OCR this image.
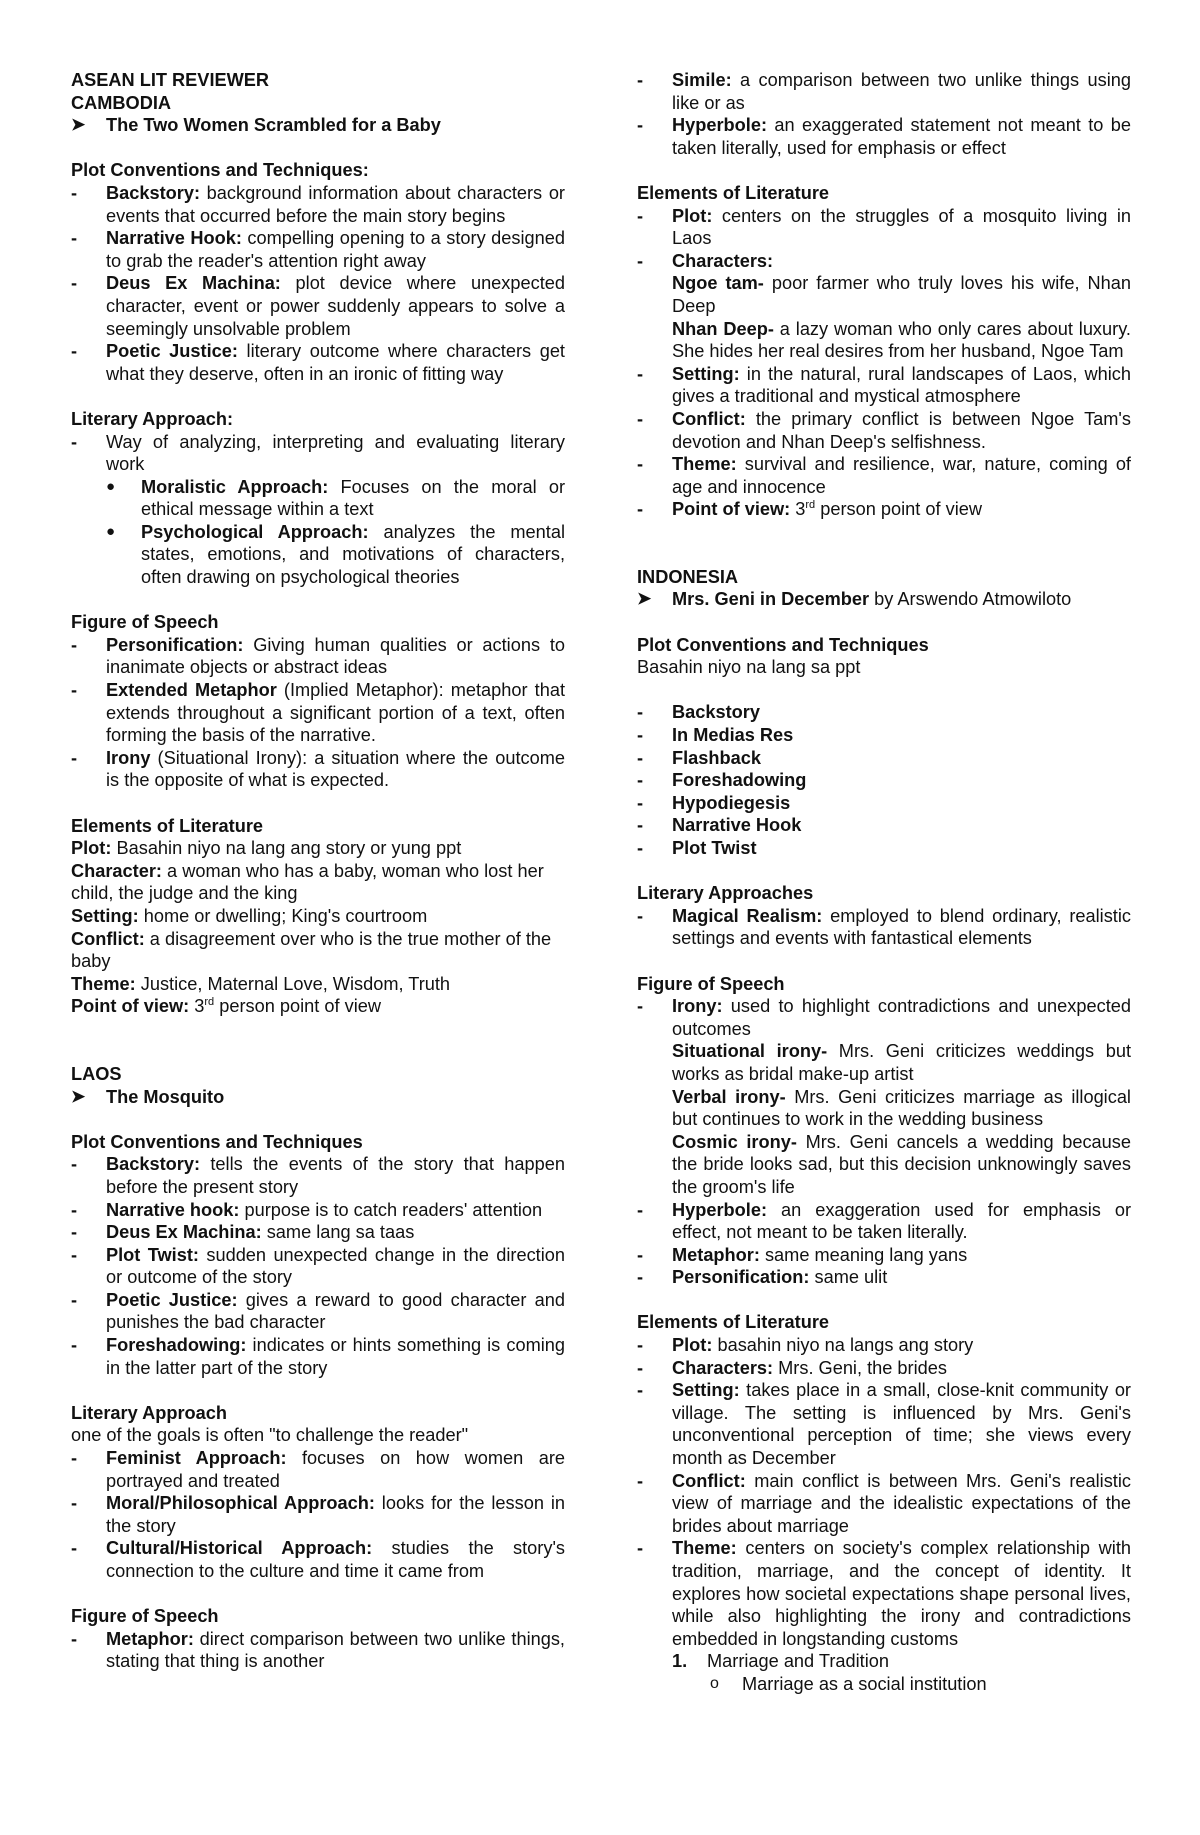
ASEAN LIT REVIEWER

CAMBODIA

➤ The Two Women Scrambled for a Baby

Plot Conventions and Techniques:

-	Backstory: background information about characters or events that occurred before the main story begins
-	Narrative Hook: compelling opening to a story designed to grab the reader's attention right away
-	Deus Ex Machina: plot device where unexpected character, event or power suddenly appears to solve a seemingly unsolvable problem
-	Poetic Justice: literary outcome where characters get what they deserve, often in an ironic of fitting way

Literary Approach:

-	Way of analyzing, interpreting and evaluating literary work
● Moralistic Approach: Focuses on the moral or ethical message within a text
● Psychological Approach: analyzes the mental states, emotions, and motivations of characters, often drawing on psychological theories

Figure of Speech

-	Personification: Giving human qualities or actions to inanimate objects or abstract ideas
-	Extended Metaphor (Implied Metaphor): metaphor that extends throughout a significant portion of a text, often forming the basis of the narrative.
-	Irony (Situational Irony): a situation where the outcome is the opposite of what is expected.

Elements of Literature

Plot: Basahin niyo na lang ang story or yung ppt

Character: a woman who has a baby, woman who lost her child, the judge and the king

Setting: home or dwelling; King's courtroom

Conflict: a disagreement over who is the true mother of the baby

Theme: Justice, Maternal Love, Wisdom, Truth

Point of view: 3rd person point of view

LAOS

➤ The Mosquito

Plot Conventions and Techniques

-	Backstory: tells the events of the story that happen before the present story
-	Narrative hook: purpose is to catch readers' attention
-	Deus Ex Machina: same lang sa taas
-	Plot Twist: sudden unexpected change in the direction or outcome of the story
-	Poetic Justice: gives a reward to good character and punishes the bad character
-	Foreshadowing: indicates or hints something is coming in the latter part of the story

Literary Approach

one of the goals is often "to challenge the reader"

-	Feminist Approach: focuses on how women are portrayed and treated
-	Moral/Philosophical Approach: looks for the lesson in the story
-	Cultural/Historical Approach: studies the story's connection to the culture and time it came from

Figure of Speech

-	Metaphor: direct comparison between two unlike things, stating that thing is another
-	Simile: a comparison between two unlike things using like or as
-	Hyperbole: an exaggerated statement not meant to be taken literally, used for emphasis or effect

Elements of Literature

-	Plot: centers on the struggles of a mosquito living in Laos
-	Characters:
Ngoe tam- poor farmer who truly loves his wife, Nhan Deep
Nhan Deep- a lazy woman who only cares about luxury. She hides her real desires from her husband, Ngoe Tam
-	Setting: in the natural, rural landscapes of Laos, which gives a traditional and mystical atmosphere
-	Conflict: the primary conflict is between Ngoe Tam's devotion and Nhan Deep's selfishness.
-	Theme: survival and resilience, war, nature, coming of age and innocence
-	Point of view: 3rd person point of view

INDONESIA

➤ Mrs. Geni in December by Arswendo Atmowiloto

Plot Conventions and Techniques

Basahin niyo na lang sa ppt

-	Backstory
-	In Medias Res
-	Flashback
-	Foreshadowing
-	Hypodiegesis
-	Narrative Hook
-	Plot Twist

Literary Approaches

-	Magical Realism: employed to blend ordinary, realistic settings and events with fantastical elements

Figure of Speech

-	Irony: used to highlight contradictions and unexpected outcomes
Situational irony- Mrs. Geni criticizes weddings but works as bridal make-up artist
Verbal irony- Mrs. Geni criticizes marriage as illogical but continues to work in the wedding business
Cosmic irony- Mrs. Geni cancels a wedding because the bride looks sad, but this decision unknowingly saves the groom's life
-	Hyperbole: an exaggeration used for emphasis or effect, not meant to be taken literally.
-	Metaphor: same meaning lang yans
-	Personification: same ulit

Elements of Literature

-	Plot: basahin niyo na langs ang story
-	Characters: Mrs. Geni, the brides
-	Setting: takes place in a small, close-knit community or village. The setting is influenced by Mrs. Geni's unconventional perception of time; she views every month as December
-	Conflict: main conflict is between Mrs. Geni's realistic view of marriage and the idealistic expectations of the brides about marriage
-	Theme: centers on society's complex relationship with tradition, marriage, and the concept of identity. It explores how societal expectations shape personal lives, while also highlighting the irony and contradictions embedded in longstanding customs
1. Marriage and Tradition
o Marriage as a social institution
